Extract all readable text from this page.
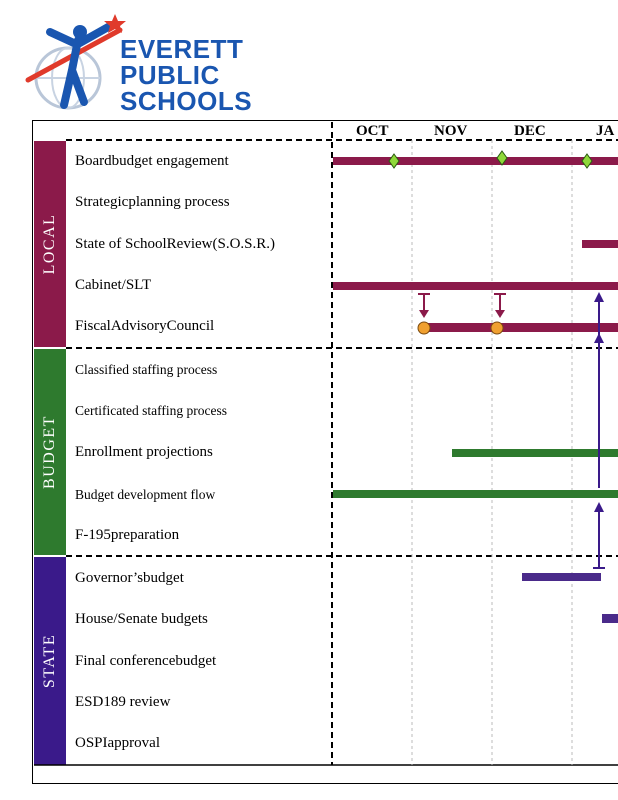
EVERETT
PUBLIC
SCHOOLS
OCT	NOV	DEC	JA
LOCAL
BUDGET
STATE
Boardbudget engagement
Strategicplanning process
State of SchoolReview(S.O.S.R.)
Cabinet/SLT
FiscalAdvisoryCouncil
Classified staffing process
Certificated staffing process
Enrollment projections
Budget development flow
F-195preparation
Governor’sbudget
House/Senate budgets
Final conferencebudget
ESD189 review
OSPIapproval
